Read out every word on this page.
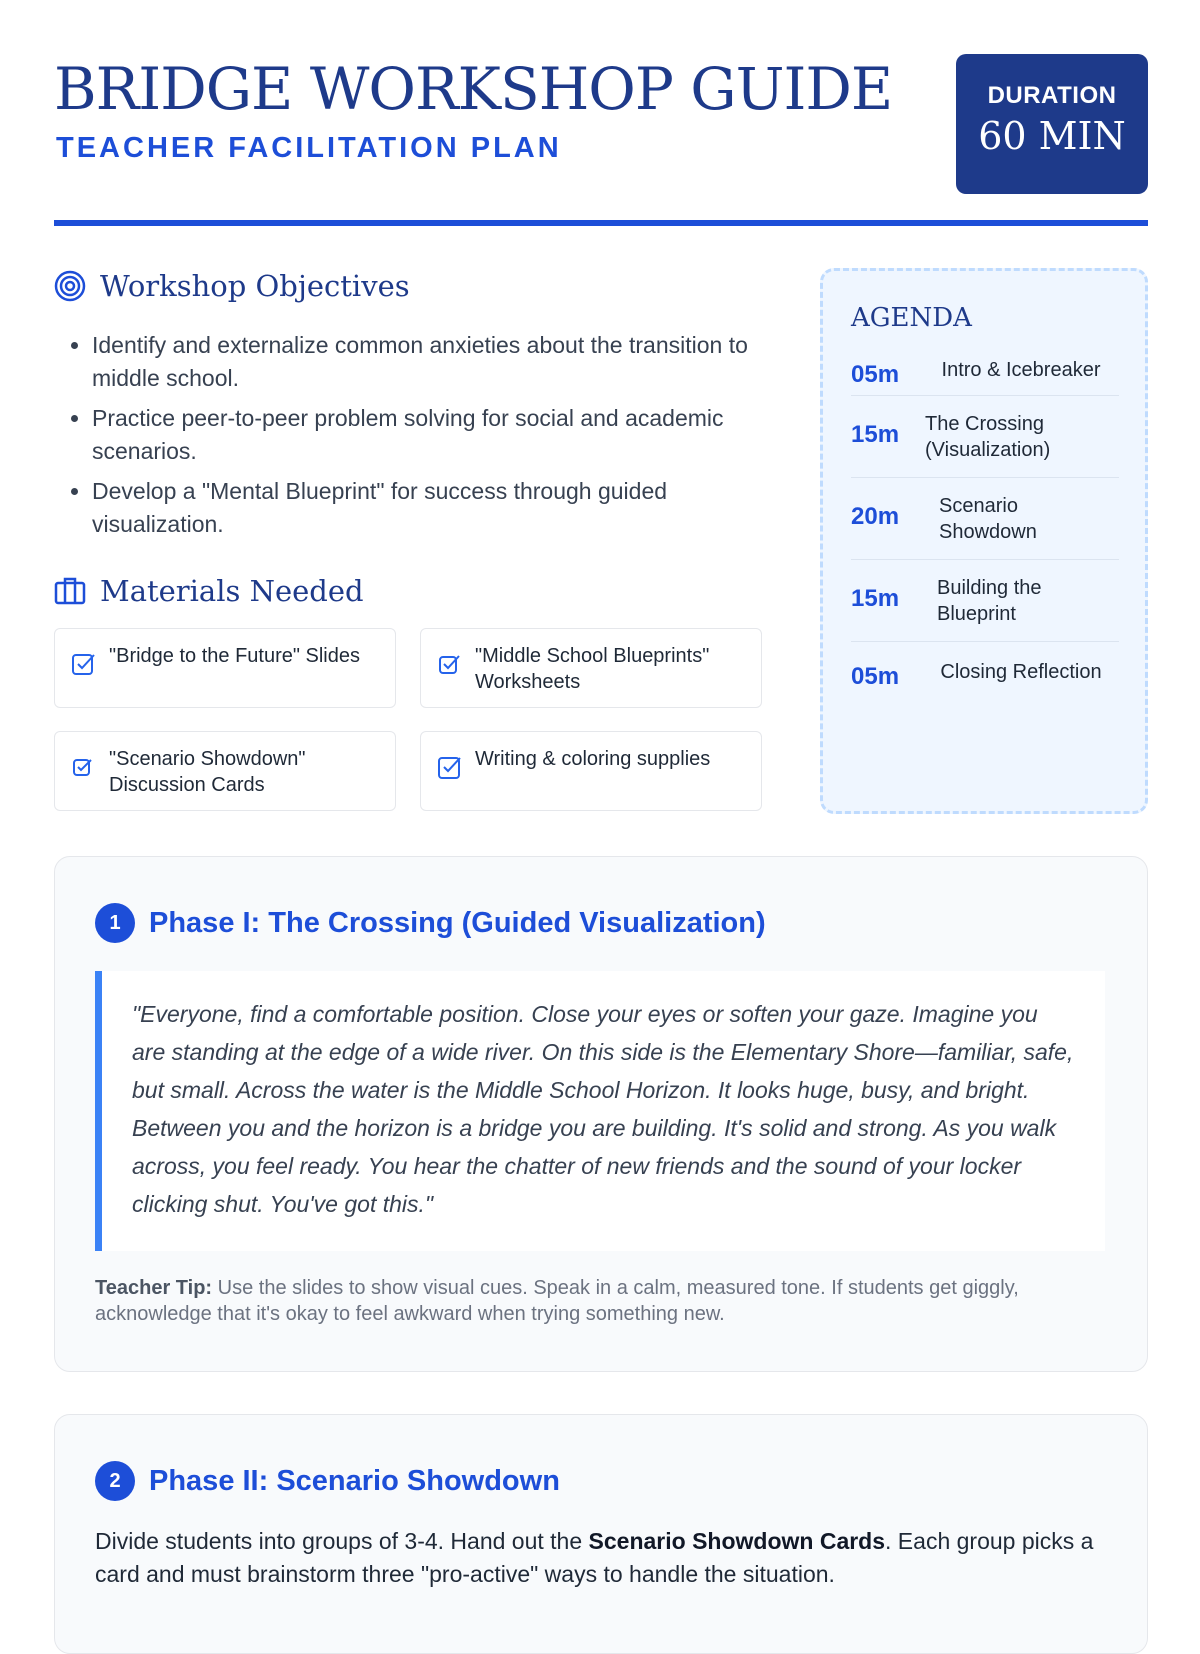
BRIDGE WORKSHOP GUIDE
TEACHER FACILITATION PLAN
DURATION
60 MIN
Workshop Objectives
• Identify and externalize common anxieties about the transition to middle school.
• Practice peer-to-peer problem solving for social and academic scenarios.
• Develop a "Mental Blueprint" for success through guided visualization.
Materials Needed
"Bridge to the Future" Slides	"Middle School Blueprints" Worksheets
"Scenario Showdown" Discussion Cards
Writing & coloring supplies
AGENDA
05m	Intro & Icebreaker
15m The Crossing (Visualization)
20m Scenario Showdown
15m Building the Blueprint
05m	Closing Reflection
1 Phase I: The Crossing (Guided Visualization)
"Everyone, find a comfortable position. Close your eyes or soften your gaze. Imagine you are standing at the edge of a wide river. On this side is the Elementary Shore—familiar, safe, but small. Across the water is the Middle School Horizon. It looks huge, busy, and bright. Between you and the horizon is a bridge you are building. It's solid and strong. As you walk across, you feel ready. You hear the chatter of new friends and the sound of your locker clicking shut. You've got this."
Teacher Tip: Use the slides to show visual cues. Speak in a calm, measured tone. If students get giggly, acknowledge that it's okay to feel awkward when trying something new.
2 Phase II: Scenario Showdown
Divide students into groups of 3-4. Hand out the Scenario Showdown Cards. Each group picks a card and must brainstorm three "pro-active" ways to handle the situation.
